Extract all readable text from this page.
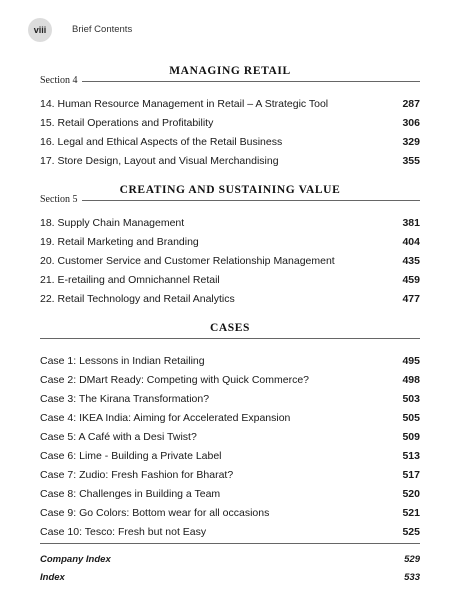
viii	Brief Contents
MANAGING RETAIL
Section 4
14. Human Resource Management in Retail – A Strategic Tool	287
15. Retail Operations and Profitability	306
16. Legal and Ethical Aspects of the Retail Business	329
17. Store Design, Layout and Visual Merchandising	355
CREATING AND SUSTAINING VALUE
Section 5
18. Supply Chain Management	381
19. Retail Marketing and Branding	404
20. Customer Service and Customer Relationship Management	435
21. E-retailing and Omnichannel Retail	459
22. Retail Technology and Retail Analytics	477
CASES
Case 1: Lessons in Indian Retailing	495
Case 2: DMart Ready: Competing with Quick Commerce?	498
Case 3: The Kirana Transformation?	503
Case 4: IKEA India: Aiming for Accelerated Expansion	505
Case 5: A Café with a Desi Twist?	509
Case 6: Lime - Building a Private Label	513
Case 7: Zudio: Fresh Fashion for Bharat?	517
Case 8: Challenges in Building a Team	520
Case 9: Go Colors: Bottom wear for all occasions	521
Case 10: Tesco: Fresh but not Easy	525
Company Index	529
Index	533
